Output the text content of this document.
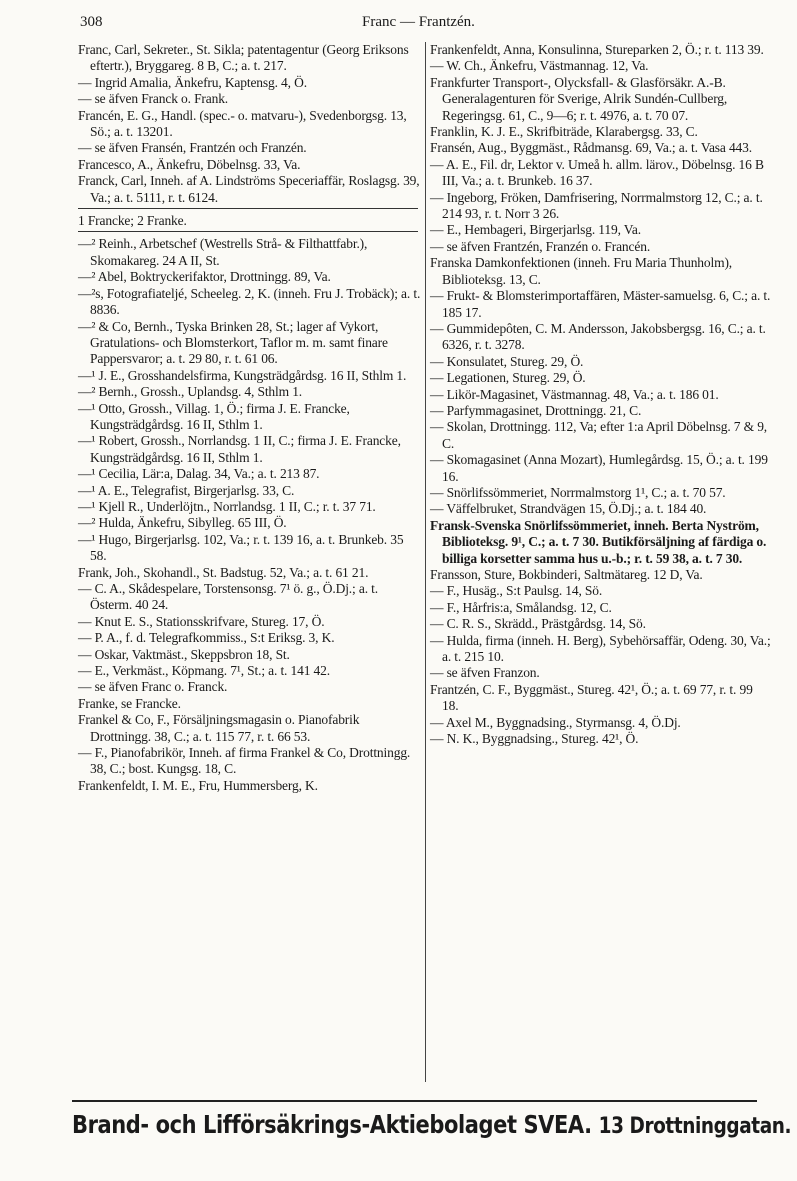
308	Franc — Frantzén.

Franc, Carl, Sekreter., St. Sikla; patentagentur (Georg Eriksons eftertr.), Bryggareg. 8 B, C.; a. t. 217.

— Ingrid Amalia, Änkefru, Kaptensg. 4, Ö.

— se äfven Franck o. Frank.

Francén, E. G., Handl. (spec.- o. matvaru-), Svedenborgsg. 13, Sö.; a. t. 13201.

— se äfven Fransén, Frantzén och Franzén.

Francesco, A., Änkefru, Döbelnsg. 33, Va.

Franck, Carl, Inneh. af A. Lindströms Speceriaffär, Roslagsg. 39, Va.; a. t. 5111, r. t. 6124.

1 Francke; 2 Franke.

—² Reinh., Arbetschef (Westrells Strå- & Filthattfabr.), Skomakareg. 24 A II, St.

—² Abel, Boktryckerifaktor, Drottningg. 89, Va.

—²s, Fotografiateljé, Scheeleg. 2, K. (inneh. Fru J. Trobäck); a. t. 8836.

—² & Co, Bernh., Tyska Brinken 28, St.; lager af Vykort, Gratulations- och Blomsterkort, Taflor m. m. samt finare Pappersvaror; a. t. 29 80, r. t. 61 06.

—¹ J. E., Grosshandelsfirma, Kungsträdgårdsg. 16 II, Sthlm 1.

—² Bernh., Grossh., Uplandsg. 4, Sthlm 1.

—¹ Otto, Grossh., Villag. 1, Ö.; firma J. E. Francke, Kungsträdgårdsg. 16 II, Sthlm 1.

—¹ Robert, Grossh., Norrlandsg. 1 II, C.; firma J. E. Francke, Kungsträdgårdsg. 16 II, Sthlm 1.

—¹ Cecilia, Lär:a, Dalag. 34, Va.; a. t. 213 87.

—¹ A. E., Telegrafist, Birgerjarlsg. 33, C.

—¹ Kjell R., Underlöjtn., Norrlandsg. 1 II, C.; r. t. 37 71.

—² Hulda, Änkefru, Sibylleg. 65 III, Ö.

—¹ Hugo, Birgerjarlsg. 102, Va.; r. t. 139 16, a. t. Brunkeb. 35 58.

Frank, Joh., Skohandl., St. Badstug. 52, Va.; a. t. 61 21.

— C. A., Skådespelare, Torstensonsg. 7¹ ö. g., Ö.Dj.; a. t. Österm. 40 24.

— Knut E. S., Stationsskrifvare, Stureg. 17, Ö.

— P. A., f. d. Telegrafkommiss., S:t Eriksg. 3, K.

— Oskar, Vaktmäst., Skeppsbron 18, St.

— E., Verkmäst., Köpmang. 7¹, St.; a. t. 141 42.

— se äfven Franc o. Franck.

Franke, se Francke.

Frankel & Co, F., Försäljningsmagasin o. Pianofabrik Drottningg. 38, C.; a. t. 115 77, r. t. 66 53.

— F., Pianofabrikör, Inneh. af firma Frankel & Co, Drottningg. 38, C.; bost. Kungsg. 18, C.

Frankenfeldt, I. M. E., Fru, Hummersberg, K.

Frankenfeldt, Anna, Konsulinna, Stureparken 2, Ö.; r. t. 113 39.

— W. Ch., Änkefru, Västmannag. 12, Va.

Frankfurter Transport-, Olycksfall- & Glasförsäkr. A.-B. Generalagenturen för Sverige, Alrik Sundén-Cullberg, Regeringsg. 61, C., 9—6; r. t. 4976, a. t. 70 07.

Franklin, K. J. E., Skrifbiträde, Klarabergsg. 33, C.

Fransén, Aug., Byggmäst., Rådmansg. 69, Va.; a. t. Vasa 443.

— A. E., Fil. dr, Lektor v. Umeå h. allm. lärov., Döbelnsg. 16 B III, Va.; a. t. Brunkeb. 16 37.

— Ingeborg, Fröken, Damfrisering, Norrmalmstorg 12, C.; a. t. 214 93, r. t. Norr 3 26.

— E., Hembageri, Birgerjarlsg. 119, Va.

— se äfven Frantzén, Franzén o. Francén.

Franska Damkonfektionen (inneh. Fru Maria Thunholm), Biblioteksg. 13, C.

— Frukt- & Blomsterimportaffären, Mäster-samuelsg. 6, C.; a. t. 185 17.

— Gummidepôten, C. M. Andersson, Jakobsbergsg. 16, C.; a. t. 6326, r. t. 3278.

— Konsulatet, Stureg. 29, Ö.

— Legationen, Stureg. 29, Ö.

— Likör-Magasinet, Västmannag. 48, Va.; a. t. 186 01.

— Parfymmagasinet, Drottningg. 21, C.

— Skolan, Drottningg. 112, Va; efter 1:a April Döbelnsg. 7 & 9, C.

— Skomagasinet (Anna Mozart), Humlegårdsg. 15, Ö.; a. t. 199 16.

— Snörlifssömmeriet, Norrmalmstorg 1¹, C.; a. t. 70 57.

— Väffelbruket, Strandvägen 15, Ö.Dj.; a. t. 184 40.

Fransk-Svenska Snörlifssömmeriet, inneh. Berta Nyström, Biblioteksg. 9¹, C.; a. t. 7 30. Butikförsäljning af färdiga o. billiga korsetter samma hus u.-b.; r. t. 59 38, a. t. 7 30.

Fransson, Sture, Bokbinderi, Saltmätareg. 12 D, Va.

— F., Husäg., S:t Paulsg. 14, Sö.

— F., Hårfris:a, Smålandsg. 12, C.

— C. R. S., Skrädd., Prästgårdsg. 14, Sö.

— Hulda, firma (inneh. H. Berg), Sybehörsaffär, Odeng. 30, Va.; a. t. 215 10.

— se äfven Franzon.

Frantzén, C. F., Byggmäst., Stureg. 42¹, Ö.; a. t. 69 77, r. t. 99 18.

— Axel M., Byggnadsing., Styrmansg. 4, Ö.Dj.

— N. K., Byggnadsing., Stureg. 42¹, Ö.

Brand- och Lifförsäkrings-Aktiebolaget SVEA. 13 Drottninggatan.
